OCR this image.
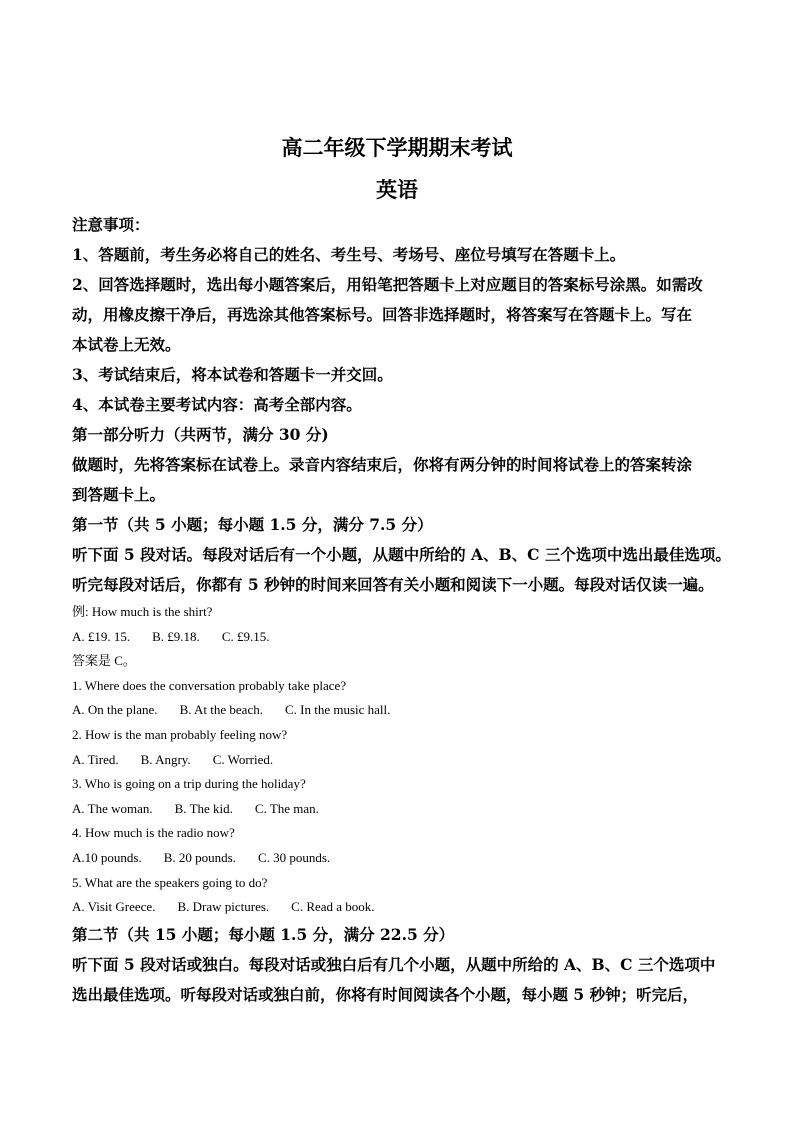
高二年级下学期期末考试
英语
注意事项：
1、答题前，考生务必将自己的姓名、考生号、考场号、座位号填写在答题卡上。
2、回答选择题时，选出每小题答案后，用铅笔把答题卡上对应题目的答案标号涂黑。如需改
动，用橡皮擦干净后，再选涂其他答案标号。回答非选择题时，将答案写在答题卡上。写在
本试卷上无效。
3、考试结束后，将本试卷和答题卡一并交回。
4、本试卷主要考试内容：高考全部内容。
第一部分听力（共两节，满分 30 分)
做题时，先将答案标在试卷上。录音内容结束后，你将有两分钟的时间将试卷上的答案转涂
到答题卡上。
第一节（共 5 小题；每小题 1.5 分，满分 7.5 分）
听下面 5 段对话。每段对话后有一个小题，从题中所给的 A、B、C 三个选项中选出最佳选项。
听完每段对话后，你都有 5 秒钟的时间来回答有关小题和阅读下一小题。每段对话仅读一遍。
例: How much is the shirt?
A. £19. 15. B. £9.18. C. £9.15.
答案是 C。
1. Where does the conversation probably take place?
A. On the plane. B. At the beach. C. In the music hall.
2. How is the man probably feeling now?
A. Tired. B. Angry. C. Worried.
3. Who is going on a trip during the holiday?
A. The woman. B. The kid. C. The man.
4. How much is the radio now?
A.10 pounds. B. 20 pounds. C. 30 pounds.
5. What are the speakers going to do?
A. Visit Greece. B. Draw pictures. C. Read a book.
第二节（共 15 小题；每小题 1.5 分，满分 22.5 分）
听下面 5 段对话或独白。每段对话或独白后有几个小题，从题中所给的 A、B、C 三个选项中
选出最佳选项。听每段对话或独白前，你将有时间阅读各个小题，每小题 5 秒钟；听完后，
